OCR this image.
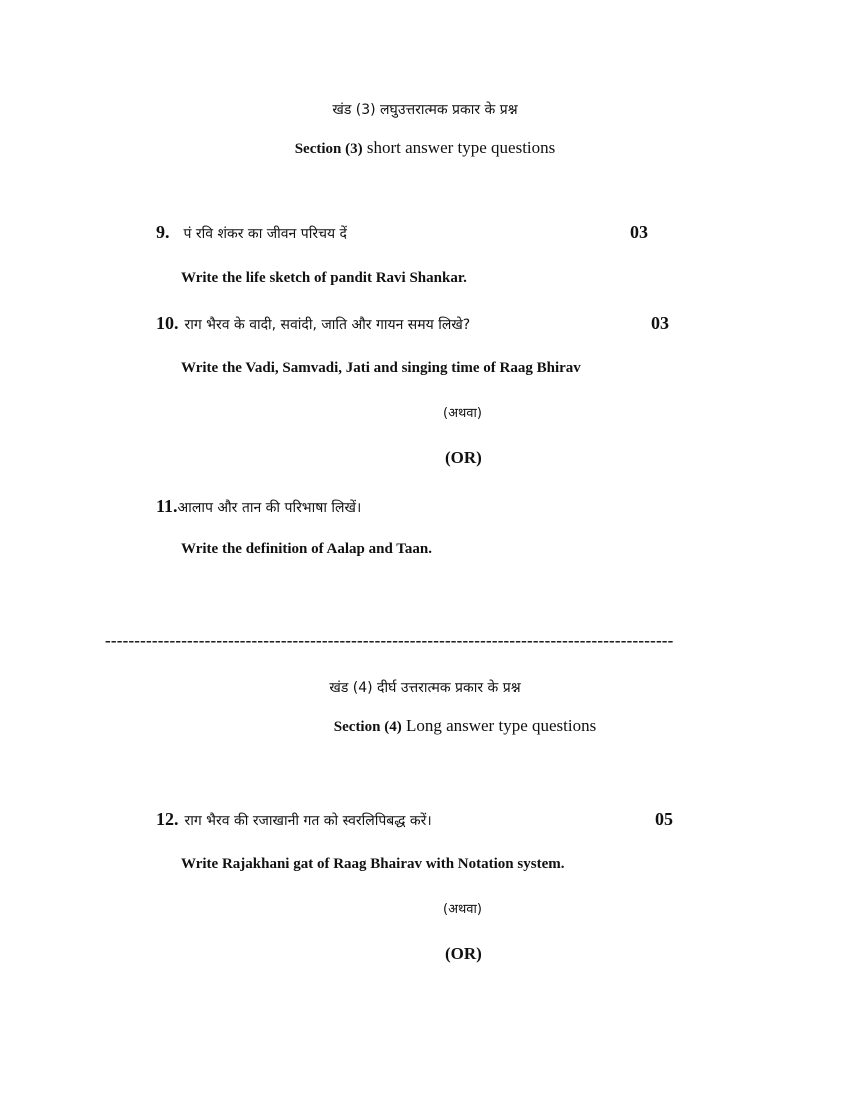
खंड (3) लघुउत्तरात्मक प्रकार के प्रश्न
Section (3) short answer type questions
9. पं रवि शंकर का जीवन परिचय दें	03
Write the life sketch of pandit Ravi Shankar.
10. राग भैरव के वादी, सवांदी, जाति और गायन समय लिखे?	03
Write the Vadi, Samvadi, Jati and singing time of Raag Bhirav
(अथवा)
(OR)
11.आलाप और तान की परिभाषा लिखें।
Write the definition of Aalap and Taan.
-------------------------------------------------------------------------------------------------
खंड (4) दीर्घ उत्तरात्मक प्रकार के प्रश्न
Section (4) Long answer type questions
12. राग भैरव की रजाखानी गत को स्वरलिपिबद्ध करें।	05
Write Rajakhani gat of Raag Bhairav with Notation system.
(अथवा)
(OR)
